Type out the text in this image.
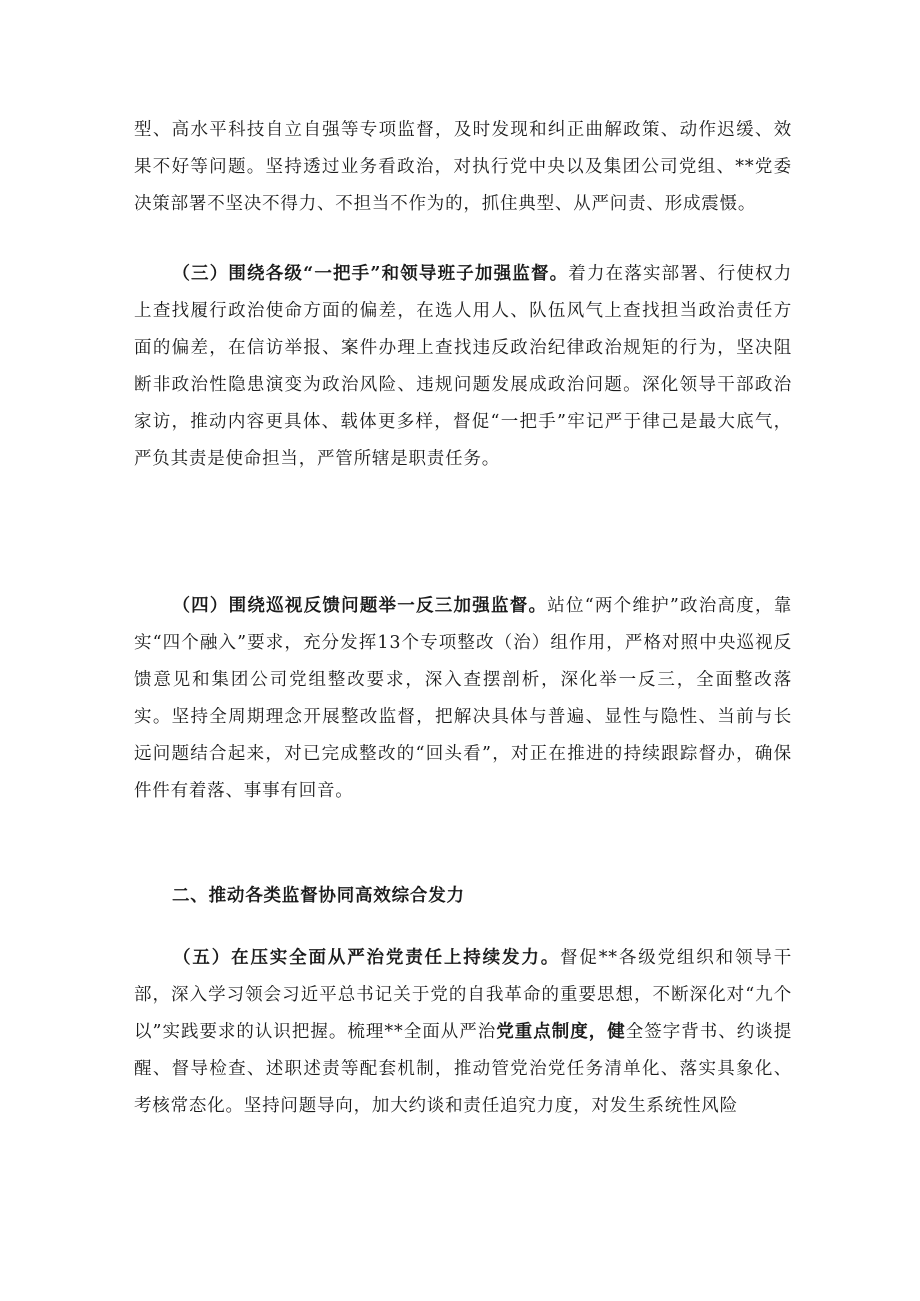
型、高水平科技自立自强等专项监督，及时发现和纠正曲解政策、动作迟缓、效果不好等问题。坚持透过业务看政治，对执行党中央以及集团公司党组、**党委决策部署不坚决不得力、不担当不作为的，抓住典型、从严问责、形成震慑。

（三）围绕各级“一把手”和领导班子加强监督。着力在落实部署、行使权力上查找履行政治使命方面的偏差，在选人用人、队伍风气上查找担当政治责任方面的偏差，在信访举报、案件办理上查找违反政治纪律政治规矩的行为，坚决阻断非政治性隐患演变为政治风险、违规问题发展成政治问题。深化领导干部政治家访，推动内容更具体、载体更多样，督促“一把手”牢记严于律己是最大底气，严负其责是使命担当，严管所辖是职责任务。

（四）围绕巡视反馈问题举一反三加强监督。站位“两个维护”政治高度，靠实“四个融入”要求，充分发挥13个专项整改（治）组作用，严格对照中央巡视反馈意见和集团公司党组整改要求，深入查摆剖析，深化举一反三，全面整改落实。坚持全周期理念开展整改监督，把解决具体与普遍、显性与隐性、当前与长远问题结合起来，对已完成整改的“回头看”，对正在推进的持续跟踪督办，确保件件有着落、事事有回音。

二、推动各类监督协同高效综合发力

（五）在压实全面从严治党责任上持续发力。督促**各级党组织和领导干部，深入学习领会习近平总书记关于党的自我革命的重要思想，不断深化对“九个以”实践要求的认识把握。梳理**全面从严治党重点制度，健全签字背书、约谈提醒、督导检查、述职述责等配套机制，推动管党治党任务清单化、落实具象化、考核常态化。坚持问题导向，加大约谈和责任追究力度，对发生系统性风险
